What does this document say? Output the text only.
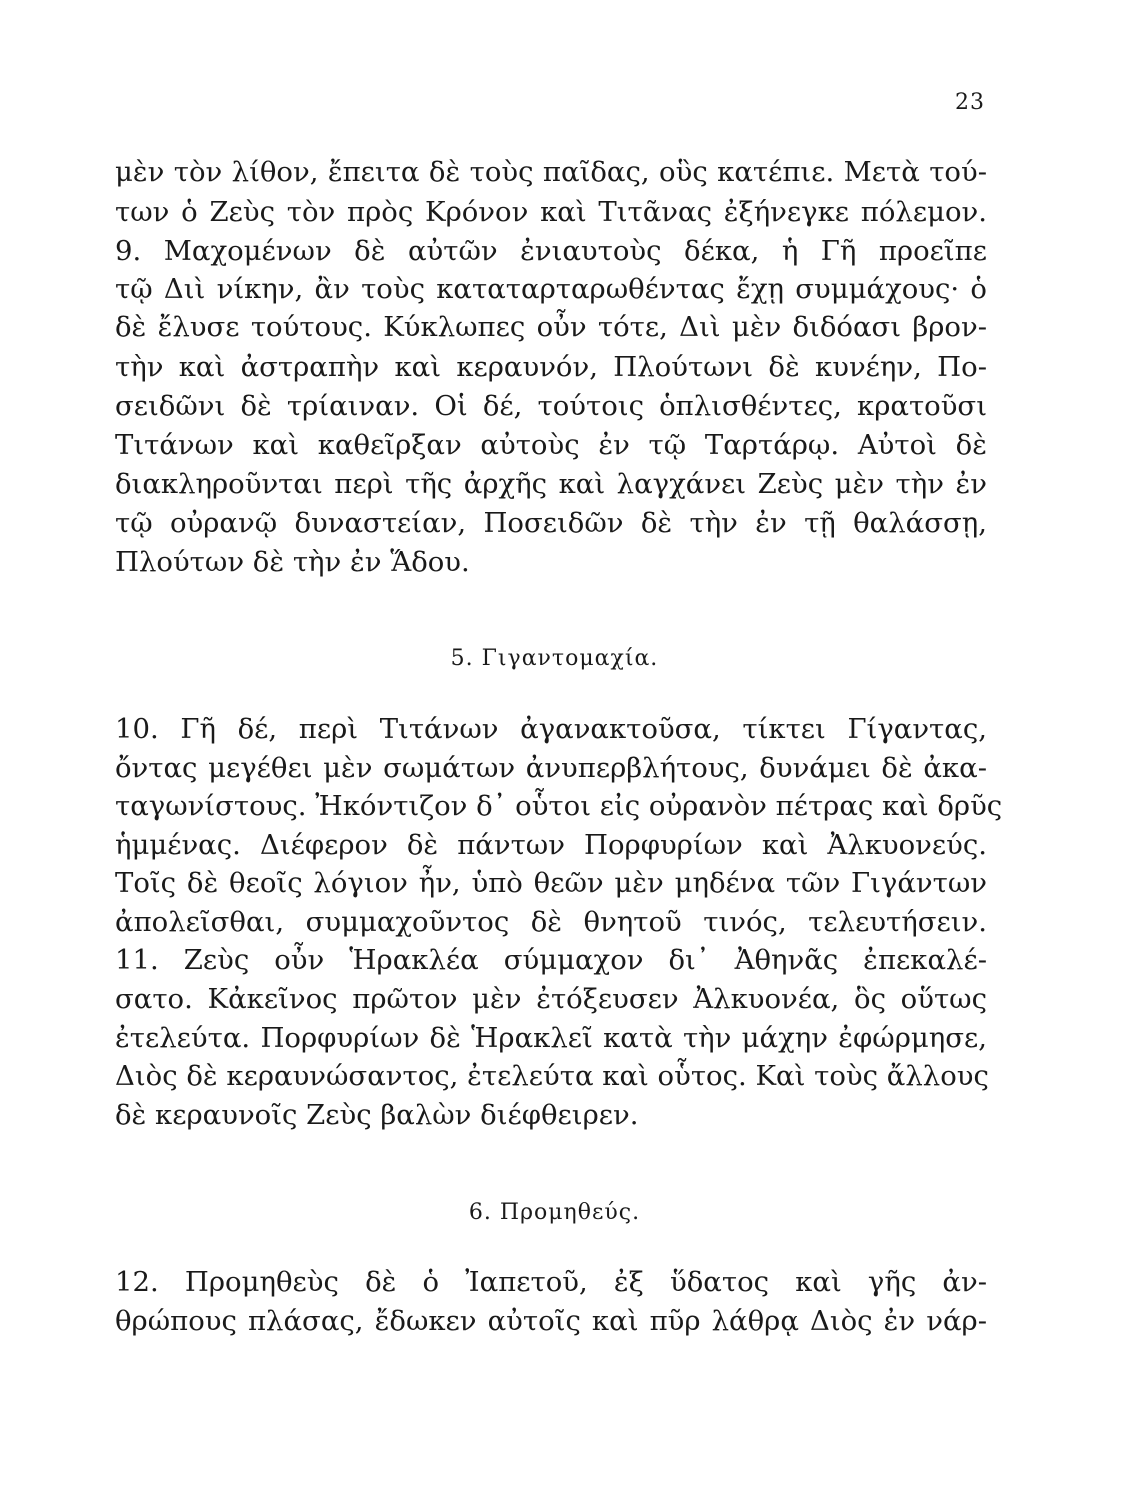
23
μὲν τὸν λίθον, ἔπειτα δὲ τοὺς παῖδας, οὓς κατέπιε. Μετὰ τού-
των ὁ Ζεὺς τὸν πρὸς Κρόνον καὶ Τιτᾶνας ἐξήνεγκε πόλεμον.
9. Μαχομένων δὲ αὐτῶν ἐνιαυτοὺς δέκα, ἡ Γῆ προεῖπε
τῷ Διὶ νίκην, ἂν τοὺς καταταρταρωθέντας ἔχῃ συμμάχους· ὁ
δὲ ἔλυσε τούτους. Κύκλωπες οὖν τότε, Διὶ μὲν διδόασι βρον-
τὴν καὶ ἀστραπὴν καὶ κεραυνόν, Πλούτωνι δὲ κυνέην, Πο-
σειδῶνι δὲ τρίαιναν. Οἱ δέ, τούτοις ὁπλισθέντες, κρατοῦσι
Τιτάνων καὶ καθεῖρξαν αὐτοὺς ἐν τῷ Ταρτάρῳ. Αὐτοὶ δὲ
διακληροῦνται περὶ τῆς ἀρχῆς καὶ λαγχάνει Ζεὺς μὲν τὴν ἐν
τῷ οὐρανῷ δυναστείαν, Ποσειδῶν δὲ τὴν ἐν τῇ θαλάσσῃ,
Πλούτων δὲ τὴν ἐν Ἅδου.
5. Γιγαντομαχία.
10. Γῆ δέ, περὶ Τιτάνων ἀγανακτοῦσα, τίκτει Γίγαντας,
ὄντας μεγέθει μὲν σωμάτων ἀνυπερβλήτους, δυνάμει δὲ ἀκα-
ταγωνίστους. Ἠκόντιζον δ᾿ οὗτοι εἰς οὐρανὸν πέτρας καὶ δρῦς
ἡμμένας. Διέφερον δὲ πάντων Πορφυρίων καὶ Ἀλκυονεύς.
Τοῖς δὲ θεοῖς λόγιον ἦν, ὑπὸ θεῶν μὲν μηδένα τῶν Γιγάντων
ἀπολεῖσθαι, συμμαχοῦντος δὲ θνητοῦ τινός, τελευτήσειν.
11. Ζεὺς οὖν Ἡρακλέα σύμμαχον δι᾿ Ἀθηνᾶς ἐπεκαλέ-
σατο. Κἀκεῖνος πρῶτον μὲν ἐτόξευσεν Ἀλκυονέα, ὃς οὕτως
ἐτελεύτα. Πορφυρίων δὲ Ἡρακλεῖ κατὰ τὴν μάχην ἐφώρμησε,
Διὸς δὲ κεραυνώσαντος, ἐτελεύτα καὶ οὗτος. Καὶ τοὺς ἄλλους
δὲ κεραυνοῖς Ζεὺς βαλὼν διέφθειρεν.
6. Προμηθεύς.
12. Προμηθεὺς δὲ ὁ Ἰαπετοῦ, ἐξ ὕδατος καὶ γῆς ἀν-
θρώπους πλάσας, ἔδωκεν αὐτοῖς καὶ πῦρ λάθρᾳ Διὸς ἐν νάρ-
